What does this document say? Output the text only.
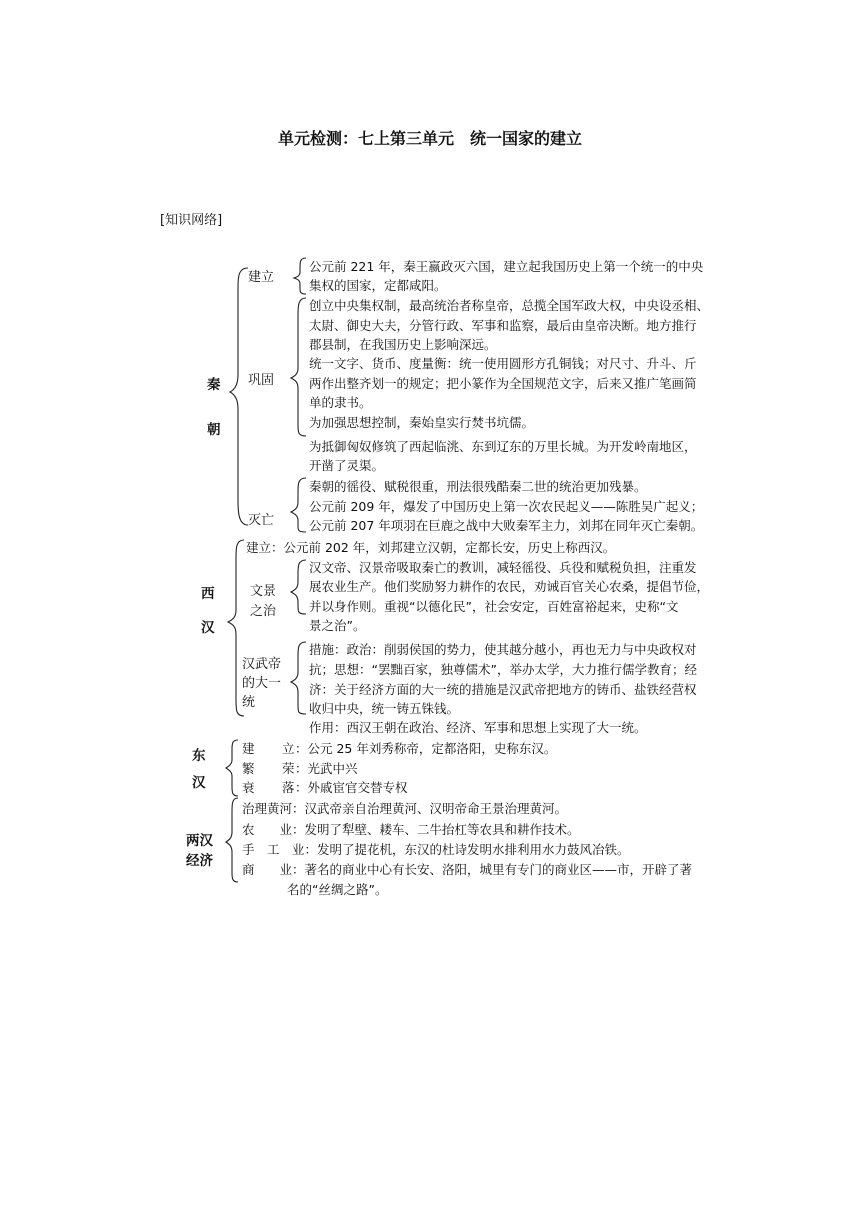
单元检测：七上第三单元　统一国家的建立
[知识网络]
秦
朝
建立
公元前 221 年，秦王嬴政灭六国，建立起我国历史上第一个统一的中央
集权的国家，定都咸阳。
巩固
创立中央集权制，最高统治者称皇帝，总揽全国军政大权，中央设丞相、
太尉、御史大夫，分管行政、军事和监察，最后由皇帝决断。地方推行
郡县制，在我国历史上影响深远。
统一文字、货币、度量衡：统一使用圆形方孔铜钱；对尺寸、升斗、斤
两作出整齐划一的规定；把小篆作为全国规范文字，后来又推广笔画简
单的隶书。
为加强思想控制，秦始皇实行焚书坑儒。
为抵御匈奴修筑了西起临洮、东到辽东的万里长城。为开发岭南地区，
开凿了灵渠。
灭亡
秦朝的徭役、赋税很重，刑法很残酷秦二世的统治更加残暴。
公元前 209 年，爆发了中国历史上第一次农民起义——陈胜吴广起义；
公元前 207 年项羽在巨鹿之战中大败秦军主力，刘邦在同年灭亡秦朝。
西
汉
建立：公元前 202 年，刘邦建立汉朝，定都长安，历史上称西汉。
文景
之治
汉文帝、汉景帝吸取秦亡的教训，减轻徭役、兵役和赋税负担，注重发
展农业生产。他们奖励努力耕作的农民，劝诫百官关心农桑，提倡节俭，
并以身作则。重视“以德化民”，社会安定，百姓富裕起来，史称“文
景之治”。
汉武帝
的大一
统
措施：政治：削弱侯国的势力，使其越分越小，再也无力与中央政权对
抗；思想：“罢黜百家，独尊儒术”，举办太学，大力推行儒学教育；经
济：关于经济方面的大一统的措施是汉武帝把地方的铸币、盐铁经营权
收归中央，统一铸五铢钱。
作用：西汉王朝在政治、经济、军事和思想上实现了大一统。
东
汉
建 立 ：公元 25 年刘秀称帝，定都洛阳，史称东汉。
繁 荣 ：光武中兴
衰 落 ：外戚宦官交替专权
两汉
经济
治理黄河：汉武帝亲自治理黄河、汉明帝命王景治理黄河。
农　　业：发明了犁壁、耧车、二牛抬杠等农具和耕作技术。
手　工　业：发明了提花机，东汉的杜诗发明水排利用水力鼓风冶铁。
商　　业：著名的商业中心有长安、洛阳，城里有专门的商业区——市，开辟了著
名的“丝绸之路”。
